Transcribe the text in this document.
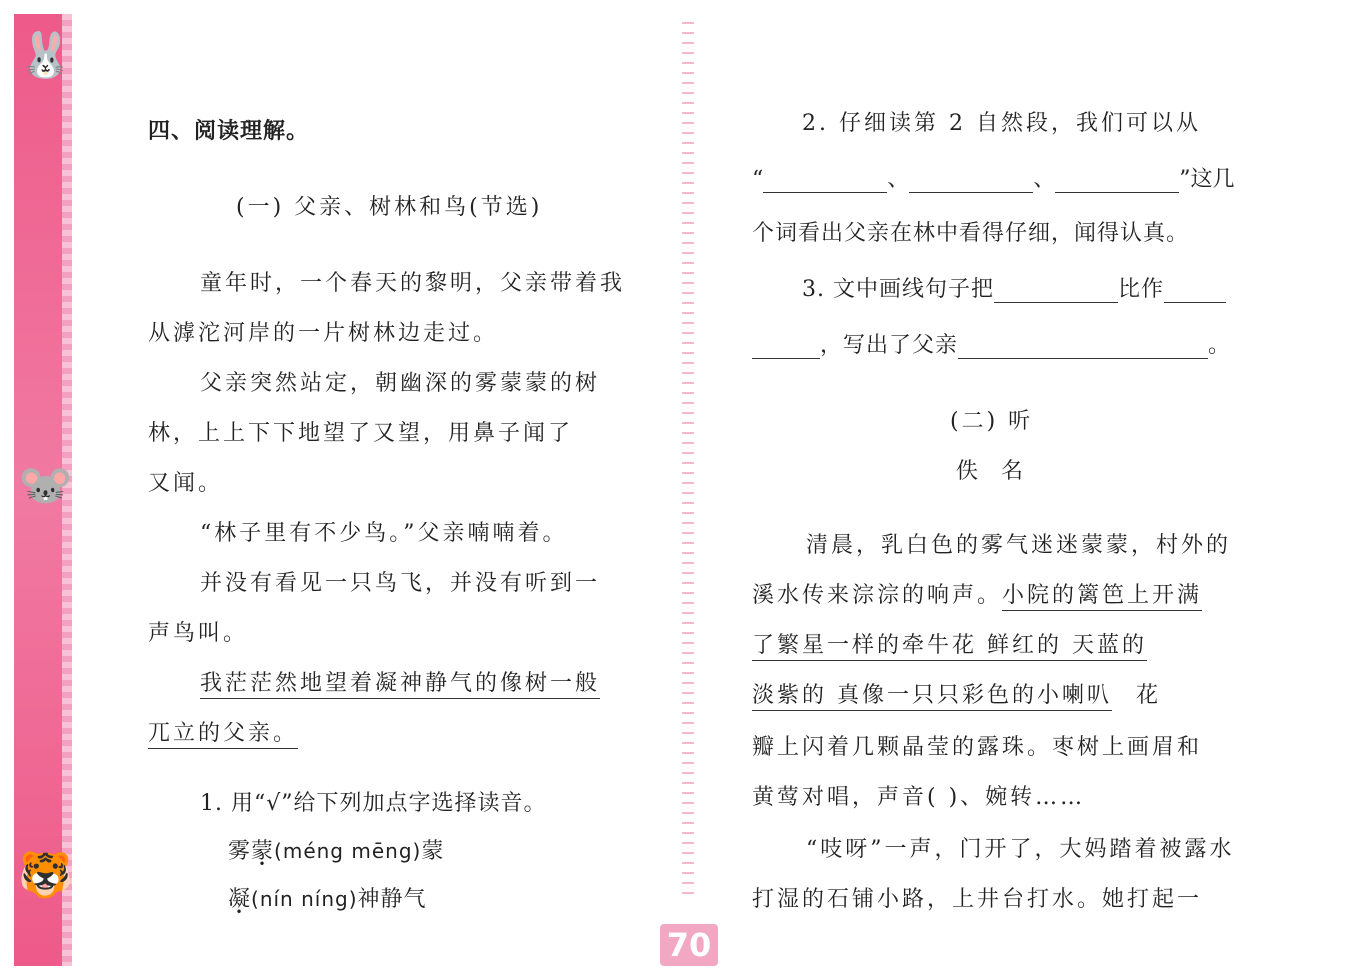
🐰
🐭
🐯
四、阅读理解。
(一) 父亲、树林和鸟(节选)
童年时，一个春天的黎明，父亲带着我
从滹沱河岸的一片树林边走过。
父亲突然站定，朝幽深的雾蒙蒙的树
林，上上下下地望了又望，用鼻子闻了
又闻。
“林子里有不少鸟。”父亲喃喃着。
并没有看见一只鸟飞，并没有听到一
声鸟叫。
我茫茫然地望着凝神静气的像树一般
兀立的父亲。
1. 用“√”给下列加点字选择读音。
雾蒙(méng mēng)蒙
凝(nín níng)神静气
2. 仔细读第 2 自然段，我们可以从
“	、	、	”这几
个词看出父亲在林中看得仔细，闻得认真。
3. 文中画线句子把	比作
，写出了父亲	。
(二) 听
佚 名
清晨，乳白色的雾气迷迷蒙蒙，村外的
溪水传来淙淙的响声。小院的篱笆上开满
了繁星一样的牵牛花 鲜红的 天蓝的
淡紫的 真像一只只彩色的小喇叭 花
瓣上闪着几颗晶莹的露珠。枣树上画眉和
黄莺对唱，声音( )、婉转……
“吱呀”一声，门开了，大妈踏着被露水
打湿的石铺小路，上井台打水。她打起一
70
